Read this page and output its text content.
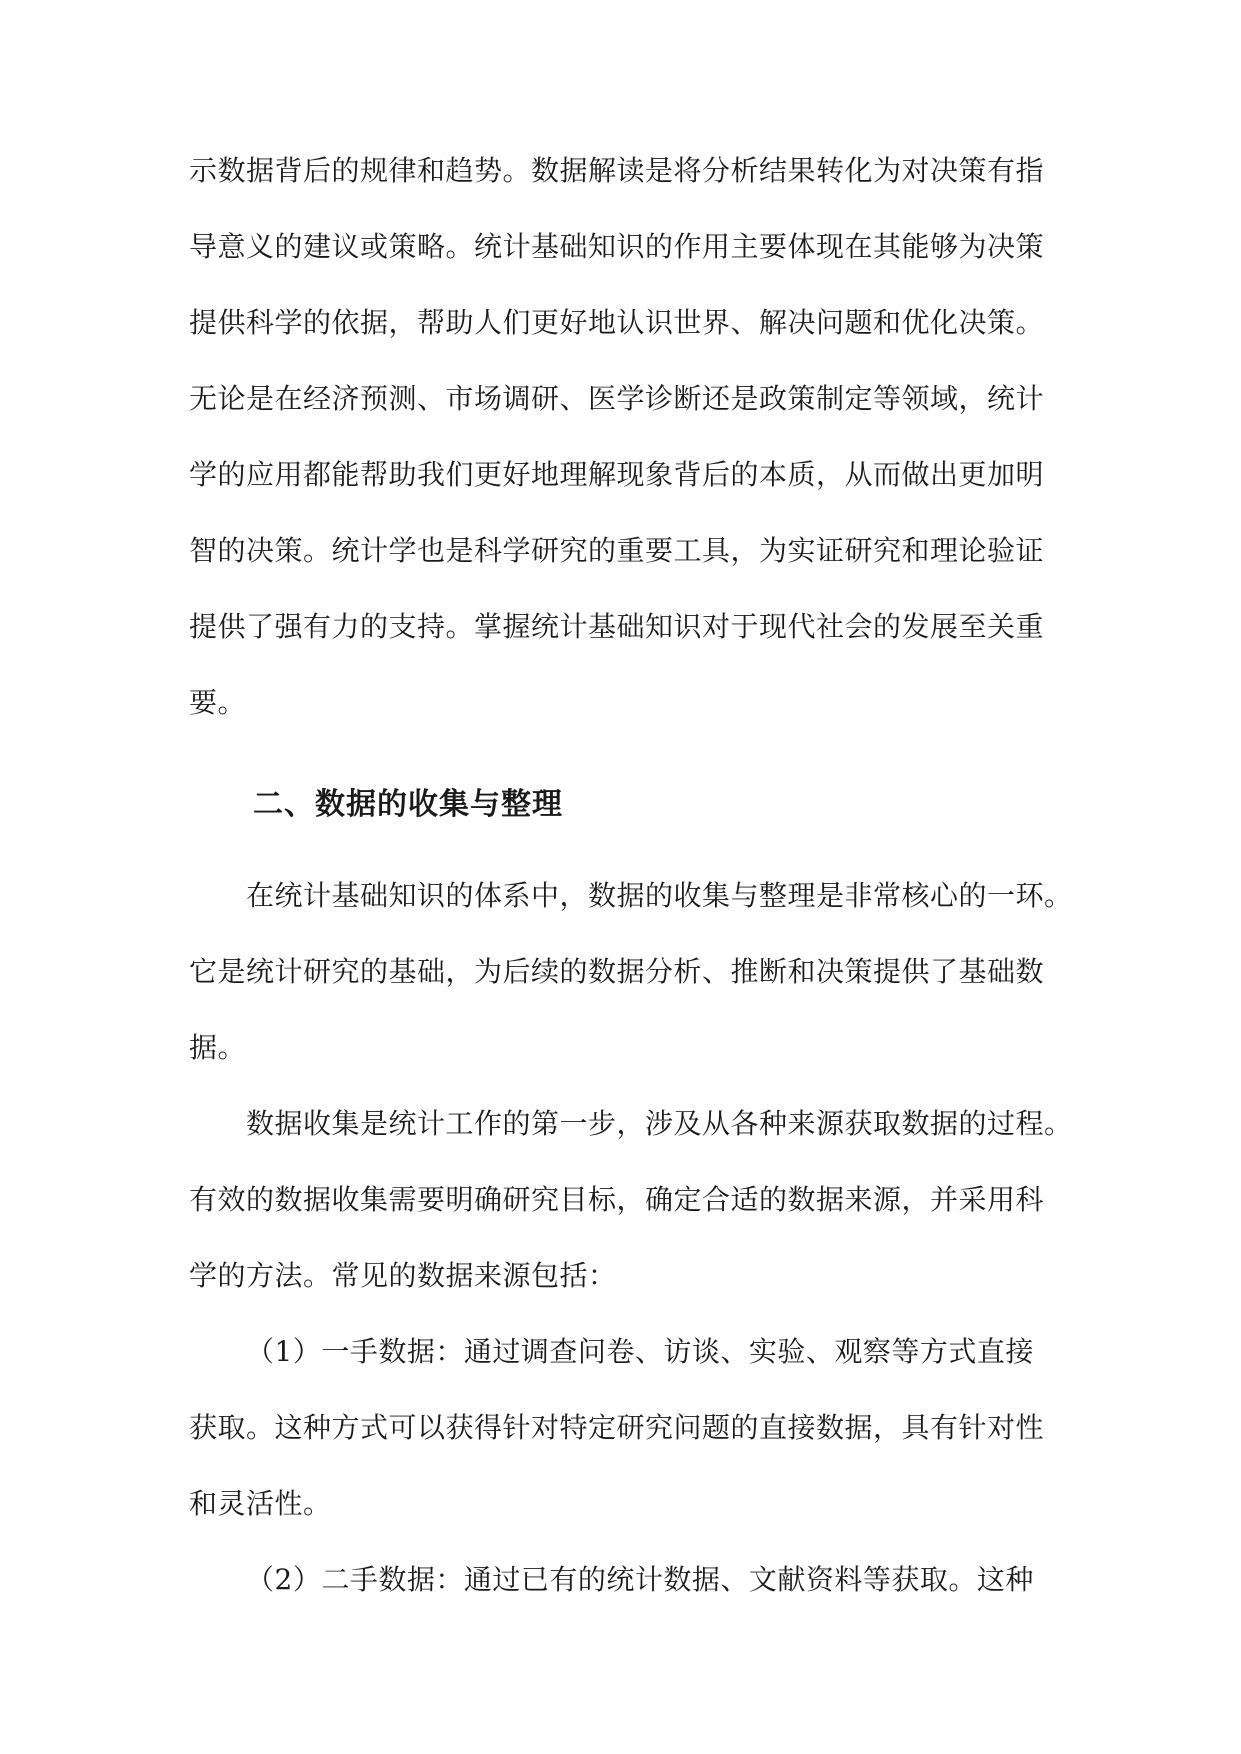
示数据背后的规律和趋势。数据解读是将分析结果转化为对决策有指
导意义的建议或策略。统计基础知识的作用主要体现在其能够为决策
提供科学的依据，帮助人们更好地认识世界、解决问题和优化决策。
无论是在经济预测、市场调研、医学诊断还是政策制定等领域，统计
学的应用都能帮助我们更好地理解现象背后的本质，从而做出更加明
智的决策。统计学也是科学研究的重要工具，为实证研究和理论验证
提供了强有力的支持。掌握统计基础知识对于现代社会的发展至关重
要。
二、数据的收集与整理
在统计基础知识的体系中，数据的收集与整理是非常核心的一环。
它是统计研究的基础，为后续的数据分析、推断和决策提供了基础数
据。
数据收集是统计工作的第一步，涉及从各种来源获取数据的过程。
有效的数据收集需要明确研究目标，确定合适的数据来源，并采用科
学的方法。常见的数据来源包括：
（1）一手数据：通过调查问卷、访谈、实验、观察等方式直接
获取。这种方式可以获得针对特定研究问题的直接数据，具有针对性
和灵活性。
（2）二手数据：通过已有的统计数据、文献资料等获取。这种
